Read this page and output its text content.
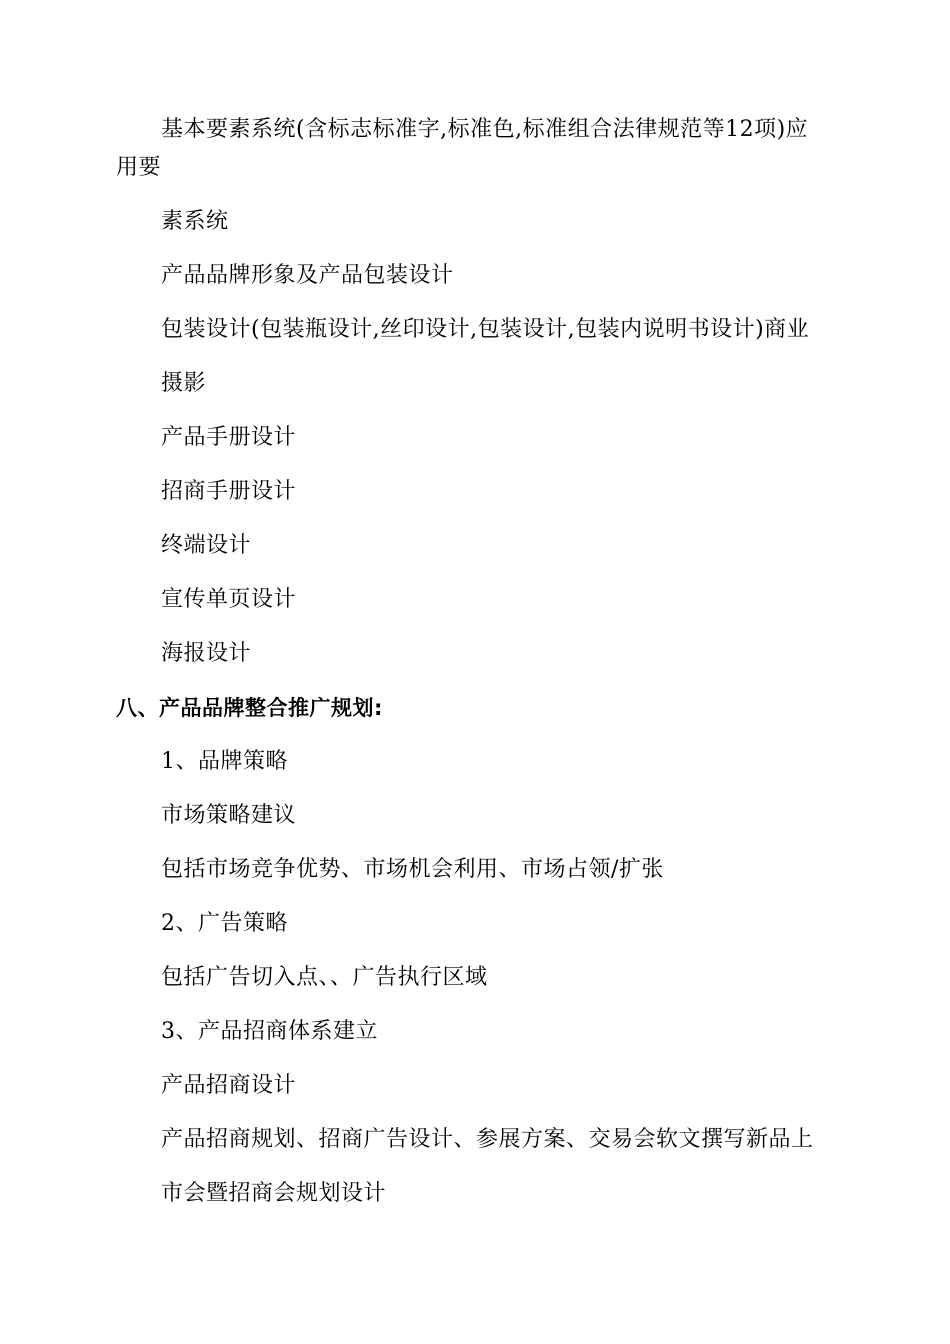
基本要素系统(含标志标准字,标准色,标准组合法律规范等12项)应
用要
素系统
产品品牌形象及产品包装设计
包装设计(包装瓶设计,丝印设计,包装设计,包装内说明书设计)商业
摄影
产品手册设计
招商手册设计
终端设计
宣传单页设计
海报设计
八、产品品牌整合推广规划:
1、品牌策略
市场策略建议
包括市场竞争优势、市场机会利用、市场占领/扩张
2、广告策略
包括广告切入点、、广告执行区域
3、产品招商体系建立
产品招商设计
产品招商规划、招商广告设计、参展方案、交易会软文撰写新品上
市会暨招商会规划设计
